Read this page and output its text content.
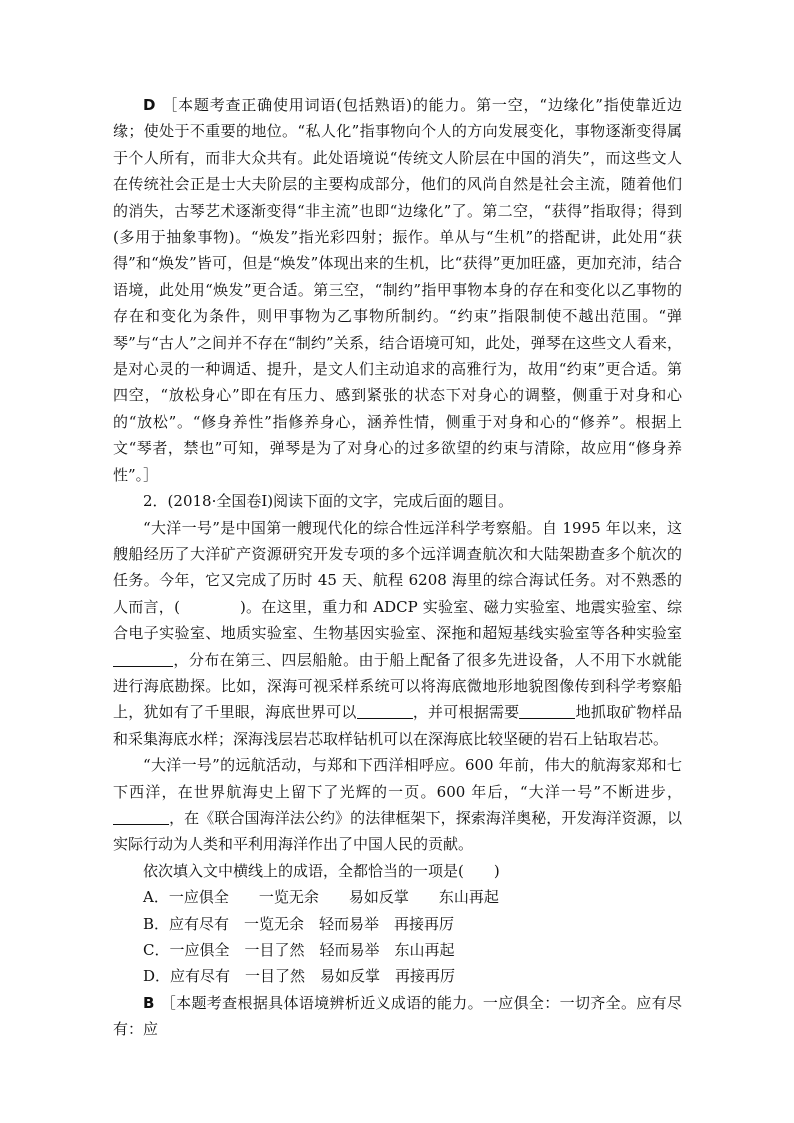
D ［本题考查正确使用词语(包括熟语)的能力。第一空，“边缘化”指使靠近边缘；使处于不重要的地位。“私人化”指事物向个人的方向发展变化，事物逐渐变得属于个人所有，而非大众共有。此处语境说“传统文人阶层在中国的消失”，而这些文人在传统社会正是士大夫阶层的主要构成部分，他们的风尚自然是社会主流，随着他们的消失，古琴艺术逐渐变得“非主流”也即“边缘化”了。第二空，“获得”指取得；得到(多用于抽象事物)。“焕发”指光彩四射；振作。单从与“生机”的搭配讲，此处用“获得”和“焕发”皆可，但是“焕发”体现出来的生机，比“获得”更加旺盛，更加充沛，结合语境，此处用“焕发”更合适。第三空，“制约”指甲事物本身的存在和变化以乙事物的存在和变化为条件，则甲事物为乙事物所制约。“约束”指限制使不越出范围。“弹琴”与“古人”之间并不存在“制约”关系，结合语境可知，此处，弹琴在这些文人看来，是对心灵的一种调适、提升，是文人们主动追求的高雅行为，故用“约束”更合适。第四空，“放松身心”即在有压力、感到紧张的状态下对身心的调整，侧重于对身和心的“放松”。“修身养性”指修养身心，涵养性情，侧重于对身和心的“修养”。根据上文“琴者，禁也”可知，弹琴是为了对身心的过多欲望的约束与清除，故应用“修身养性”。］

2．(2018·全国卷Ⅰ)阅读下面的文字，完成后面的题目。

“大洋一号”是中国第一艘现代化的综合性远洋科学考察船。自 1995 年以来，这艘船经历了大洋矿产资源研究开发专项的多个远洋调查航次和大陆架勘查多个航次的任务。今年，它又完成了历时 45 天、航程 6208 海里的综合海试任务。对不熟悉的人而言，(	)。在这里，重力和 ADCP 实验室、磁力实验室、地震实验室、综合电子实验室、地质实验室、生物基因实验室、深拖和超短基线实验室等各种实验室，分布在第三、四层船舱。由于船上配备了很多先进设备，人不用下水就能进行海底勘探。比如，深海可视采样系统可以将海底微地形地貌图像传到科学考察船上，犹如有了千里眼，海底世界可以	，并可根据需要	地抓取矿物样品和采集海底水样；深海浅层岩芯取样钻机可以在深海底比较坚硬的岩石上钻取岩芯。

“大洋一号”的远航活动，与郑和下西洋相呼应。600 年前，伟大的航海家郑和七下西洋，在世界航海史上留下了光辉的一页。600 年后，“大洋一号”不断进步，，在《联合国海洋法公约》的法律框架下，探索海洋奥秘，开发海洋资源，以实际行动为人类和平利用海洋作出了中国人民的贡献。

依次填入文中横线上的成语，全都恰当的一项是(　　)

A．一应俱全　　一览无余　　易如反掌　　东山再起

B．应有尽有　一览无余　轻而易举　再接再厉

C．一应俱全　一目了然　轻而易举　东山再起

D．应有尽有　一目了然　易如反掌　再接再厉

B ［本题考查根据具体语境辨析近义成语的能力。一应俱全：一切齐全。应有尽有：应
